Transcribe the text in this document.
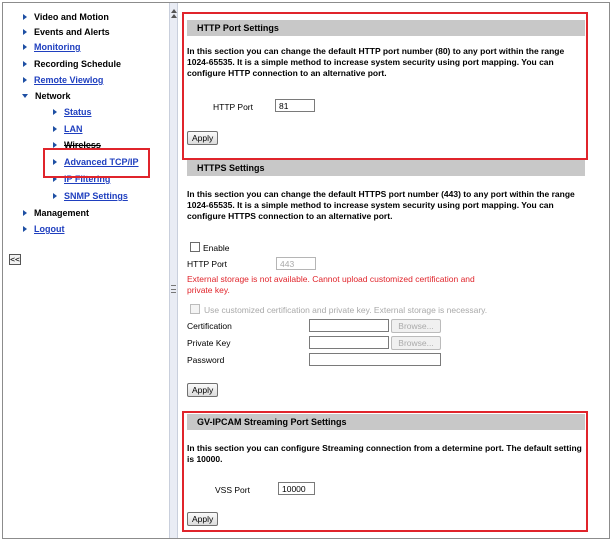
Video and Motion
Events and Alerts
Monitoring
Recording Schedule
Remote Viewlog
Network
Status
LAN
Wireless
Advanced TCP/IP
IP Filtering
SNMP Settings
Management
Logout
<<
HTTP Port Settings
In this section you can change the default HTTP port number (80) to any port within the range 1024-65535. It is a simple method to increase system security using port mapping. You can configure HTTP connection to an alternative port.
HTTP Port
81
Apply
HTTPS Settings
In this section you can change the default HTTPS port number (443) to any port within the range 1024-65535. It is a simple method to increase system security using port mapping. You can configure HTTPS connection to an alternative port.
Enable
HTTP Port
443
External storage is not available. Cannot upload customized certification and private key.
Use customized certification and private key. External storage is necessary.
Certification	Browse...
Private Key	Browse...
Password
Apply
GV-IPCAM Streaming Port Settings
In this section you can configure Streaming connection from a determine port. The default setting is 10000.
VSS Port
10000
Apply
